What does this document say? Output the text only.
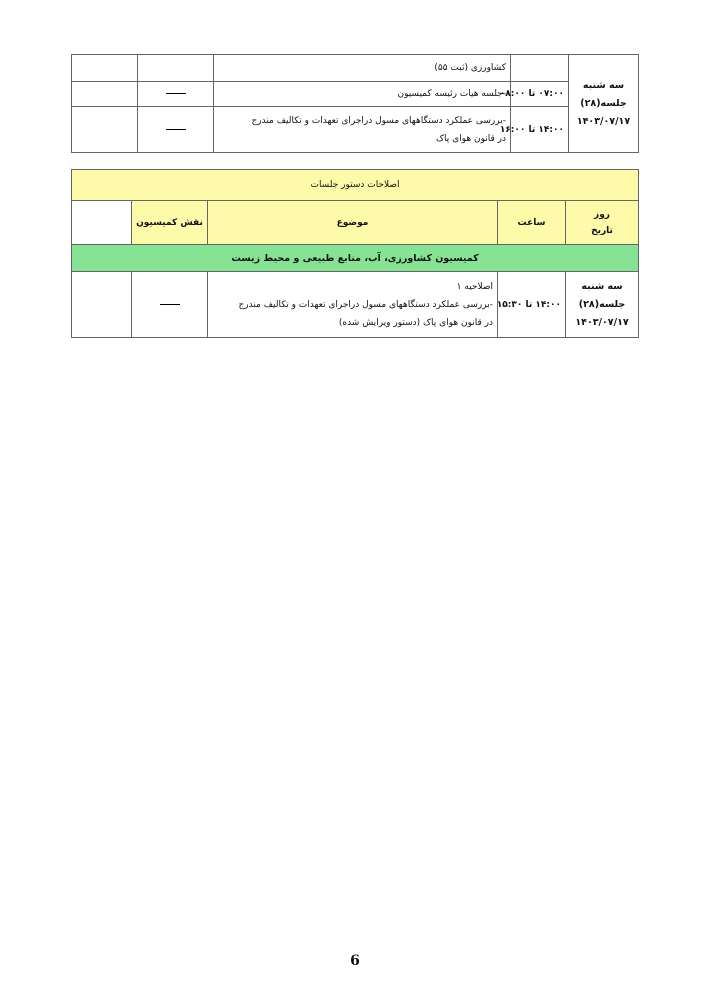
		کشاورزی (ثبت ۵۵)		سه شنبه
جلسه(۲۸)
۱۴۰۳/۰۷/۱۷

		-جلسه هیات رئیسه کمیسیون	۰۷:۰۰ تا ۰۸:۰۰	

		-بررسی عملکرد دستگاههای مسول دراجرای تعهدات و تکالیف مندرج
در قانون هوای پاک	۱۴:۰۰ تا ۱۶:۰۰	
اصلاحات دستور جلسات				
	نقش کمیسیون	موضوع	ساعت	روز
تاریخ

کمیسیون کشاورزی، آب، منابع طبیعی و محیط زیست				

		اصلاحیه ۱
-بررسی عملکرد دستگاههای مسول دراجرای تعهدات و تکالیف مندرج
در قانون هوای پاک (دستور ویرایش شده)	۱۴:۰۰ تا ۱۵:۳۰	سه شنبه
جلسه(۲۸)
۱۴۰۳/۰۷/۱۷
6
